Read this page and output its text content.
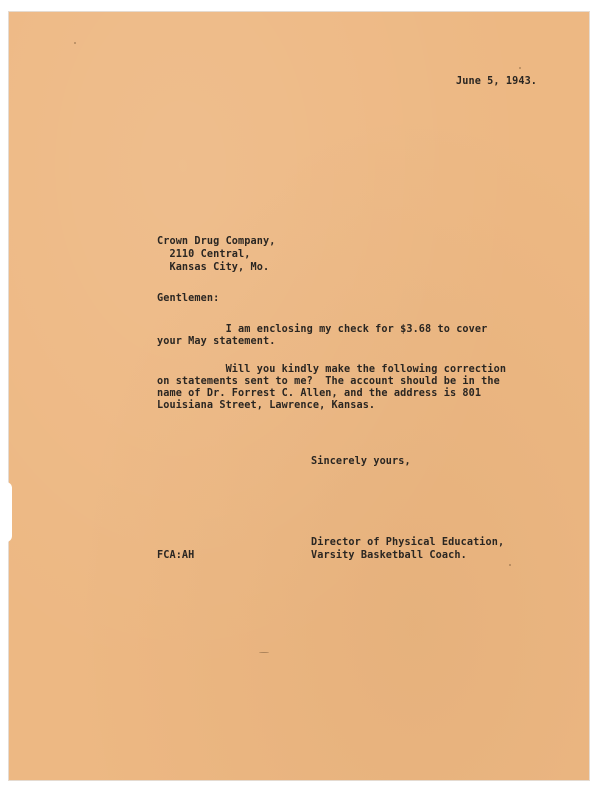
June 5, 1943.
Crown Drug Company,
2110 Central,
Kansas City, Mo.
Gentlemen:
I am enclosing my check for $3.68 to cover
your May statement.
Will you kindly make the following correction
on statements sent to me?  The account should be in the
name of Dr. Forrest C. Allen, and the address is 801
Louisiana Street, Lawrence, Kansas.
Sincerely yours,
Director of Physical Education,
Varsity Basketball Coach.
FCA:AH
